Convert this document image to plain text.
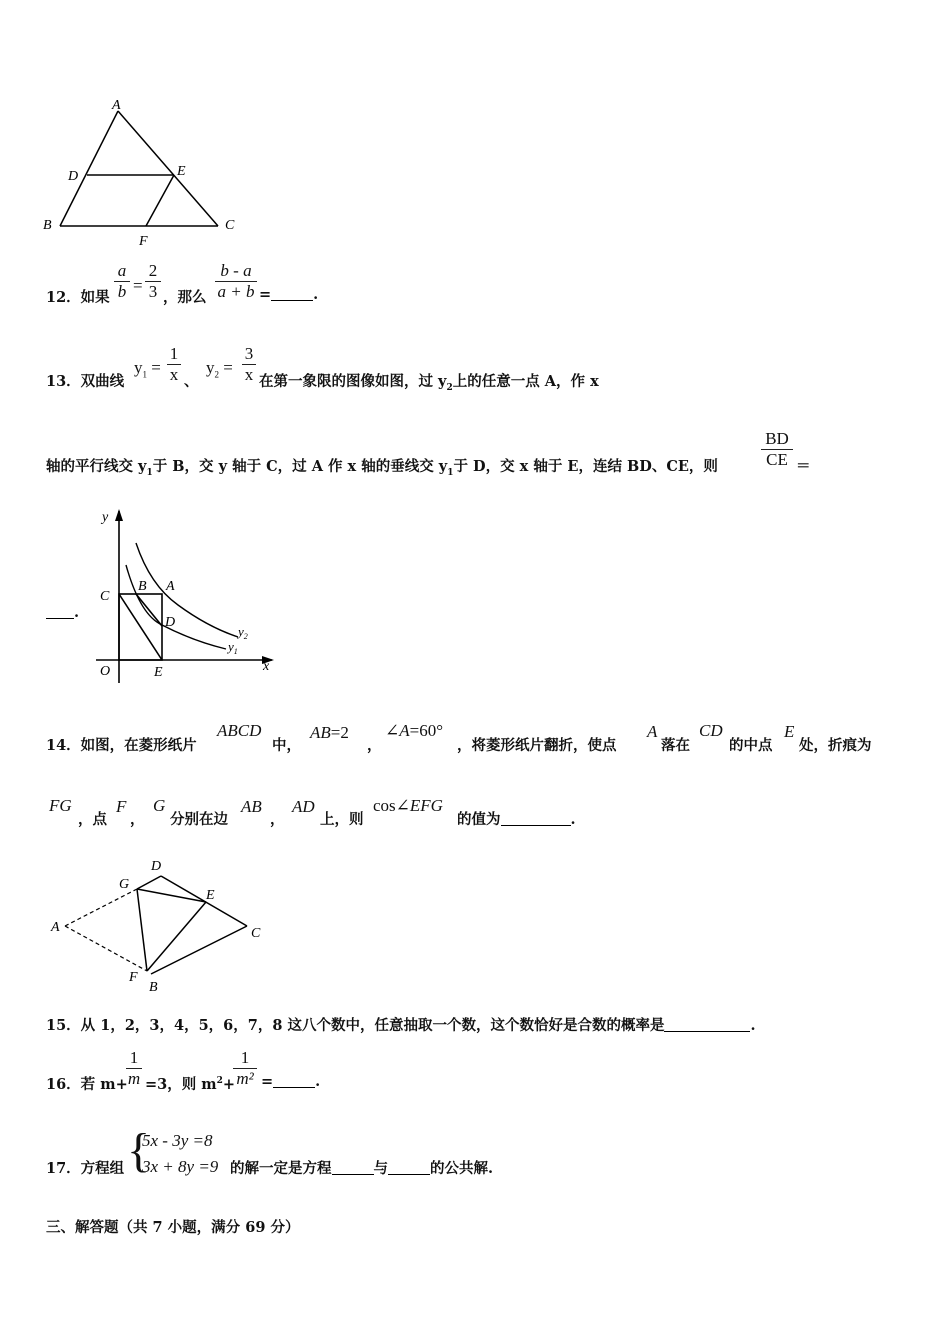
A
D	E
B
F
C
12．如果
a
b =
2
3 ，那么
b - a
a + b =	.
13．双曲线
$y_1$ =
1
x 、
$y_2$ =
3
x 在第一象限的图像如图，过 $y_2$上的任意一点 A，作 x
轴的平行线交 $y_1$于 B，交 y 轴于 C，过 A 作 x 轴的垂线交 $y_1$于 D，交 x 轴于 E，连结 BD、CE，则
BD
CE ＝
.
y
x
O
C
B A
D
E
$y_2$
$y_1$
14．如图，在菱形纸片
ABCD
中，
AB=2
，
∠A=60°
，将菱形纸片翻折，使点
A
落在
CD
的中点
E
处，折痕为
FG
，点
F
，
G
分别在边
AB
，
AD
上，则
cos∠EFG
的值为	.
D
G
E
A	C
F
B
15．从 1，2，3，4，5，6，7，8 这八个数中，任意抽取一个数，这个数恰好是合数的概率是	.
16．若 m+
1
m =3，则 $m^2+$
1
m² =	.
17．方程组 {
5x - 3y =8
3x + 8y =9 的解一定是方程	与	的公共解.
三、解答题（共 7 小题，满分 69 分）
